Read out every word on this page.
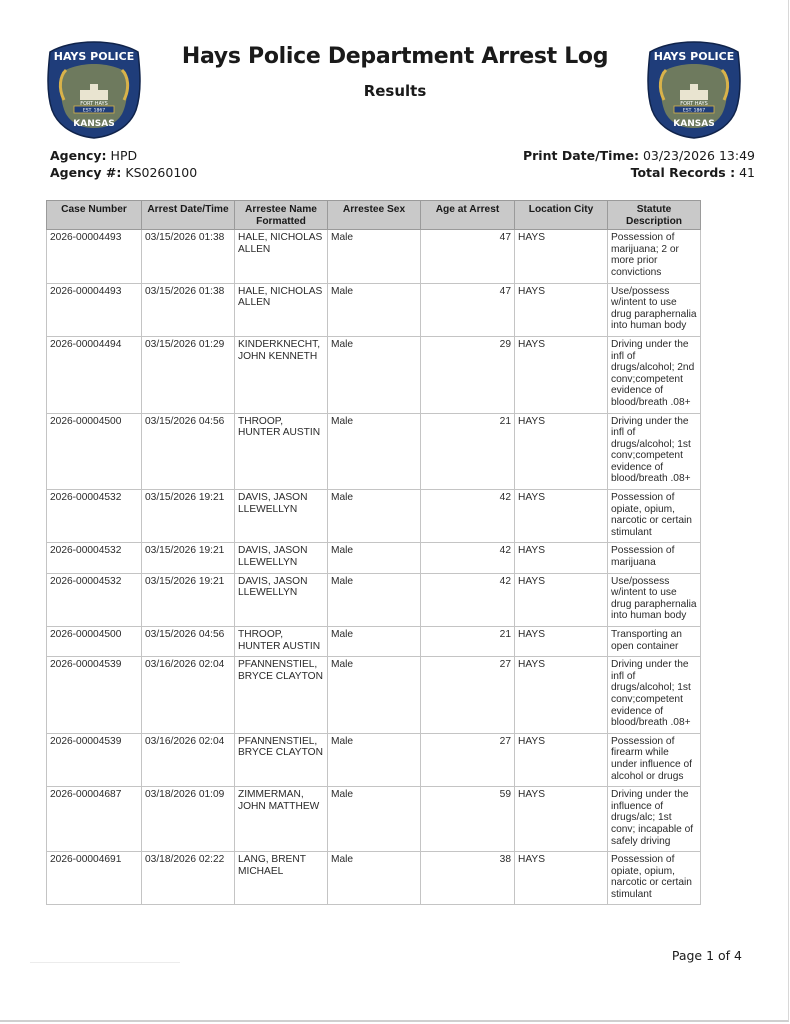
HAYS POLICE
FORT HAYS
EST. 1867
KANSAS
HAYS POLICE
FORT HAYS
EST. 1867
KANSAS
Hays Police Department Arrest Log
Results
Agency: HPD
Agency #: KS0260100
Print Date/Time: 03/23/2026 13:49
Total Records : 41
Case Number	Arrest Date/Time	Arrestee Name Formatted	Arrestee Sex	Age at Arrest	Location City	Statute Description
2026-00004493	03/15/2026 01:38	HALE, NICHOLAS ALLEN	Male	47	HAYS	Possession of marijuana; 2 or more prior convictions
2026-00004493	03/15/2026 01:38	HALE, NICHOLAS ALLEN	Male	47	HAYS	Use/possess w/intent to use drug paraphernalia into human body
2026-00004494	03/15/2026 01:29	KINDERKNECHT, JOHN KENNETH	Male	29	HAYS	Driving under the infl of drugs/alcohol; 2nd conv;competent evidence of blood/breath .08+
2026-00004500	03/15/2026 04:56	THROOP, HUNTER AUSTIN	Male	21	HAYS	Driving under the infl of drugs/alcohol; 1st conv;competent evidence of blood/breath .08+
2026-00004532	03/15/2026 19:21	DAVIS, JASON LLEWELLYN	Male	42	HAYS	Possession of opiate, opium, narcotic or certain stimulant
2026-00004532	03/15/2026 19:21	DAVIS, JASON LLEWELLYN	Male	42	HAYS	Possession of marijuana
2026-00004532	03/15/2026 19:21	DAVIS, JASON LLEWELLYN	Male	42	HAYS	Use/possess w/intent to use drug paraphernalia into human body
2026-00004500	03/15/2026 04:56	THROOP, HUNTER AUSTIN	Male	21	HAYS	Transporting an open container
2026-00004539	03/16/2026 02:04	PFANNENSTIEL, BRYCE CLAYTON	Male	27	HAYS	Driving under the infl of drugs/alcohol; 1st conv;competent evidence of blood/breath .08+
2026-00004539	03/16/2026 02:04	PFANNENSTIEL, BRYCE CLAYTON	Male	27	HAYS	Possession of firearm while under influence of alcohol or drugs
2026-00004687	03/18/2026 01:09	ZIMMERMAN, JOHN MATTHEW	Male	59	HAYS	Driving under the influence of drugs/alc; 1st conv; incapable of safely driving
2026-00004691	03/18/2026 02:22	LANG, BRENT MICHAEL	Male	38	HAYS	Possession of opiate, opium, narcotic or certain stimulant
Page 1 of 4
